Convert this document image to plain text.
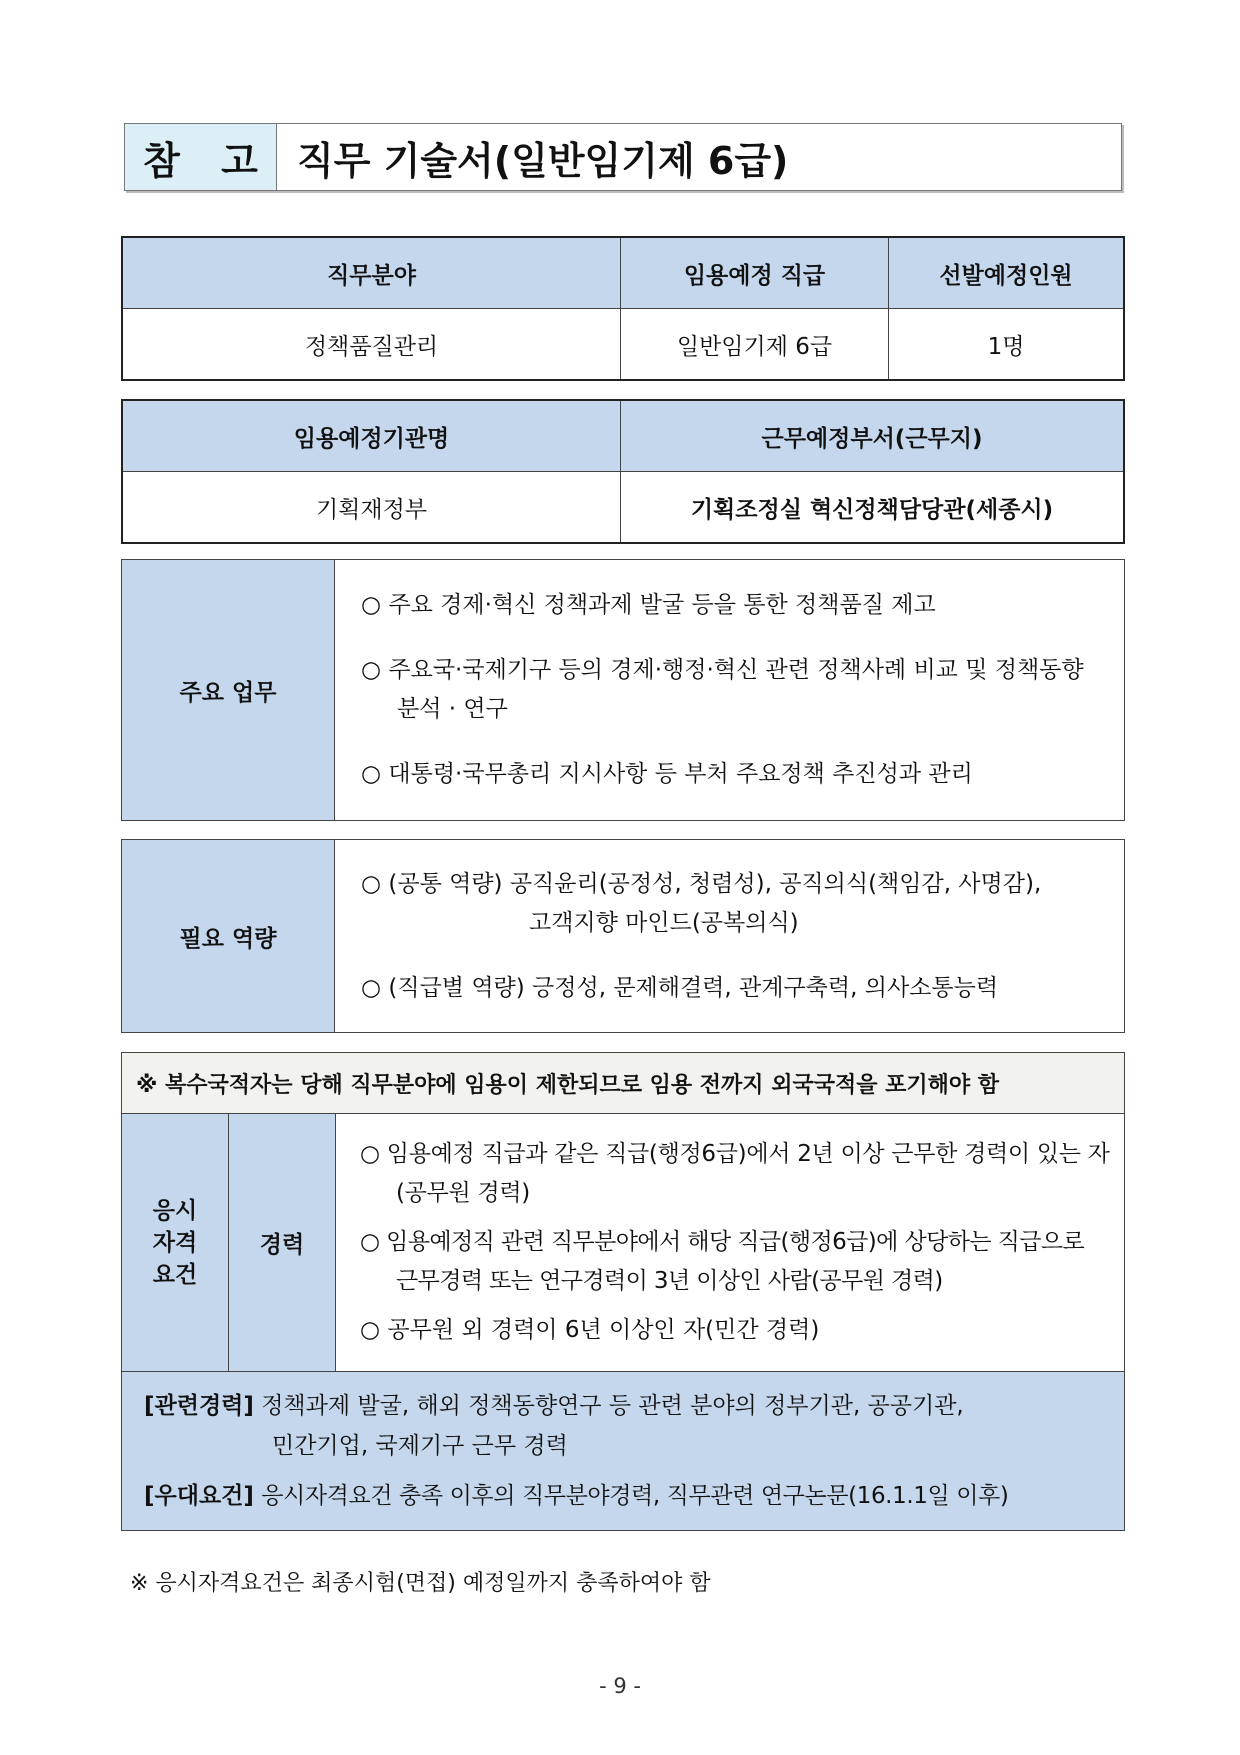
참 고 직무 기술서(일반임기제 6급)
직무분야	임용예정 직급	선발예정인원
정책품질관리	일반임기제 6급	1명
임용예정기관명	근무예정부서(근무지)
기획재정부	기획조정실 혁신정책담당관(세종시)
주요 업무	

○ 주요 경제·혁신 정책과제 발굴 등을 통한 정책품질 제고

○ 주요국·국제기구 등의 경제·행정·혁신 관련 정책사례 비교 및 정책동향 분석 · 연구

○ 대통령·국무총리 지시사항 등 부처 주요정책 추진성과 관리

필요 역량	

○ (공통 역량) 공직윤리(공정성, 청렴성), 공직의식(책임감, 사명감),

고객지향 마인드(공복의식)

○ (직급별 역량) 긍정성, 문제해결력, 관계구축력, 의사소통능력

※ 복수국적자는 당해 직무분야에 임용이 제한되므로 임용 전까지 외국국적을 포기해야 함

응시
자격
요건
	경력	

○ 임용예정 직급과 같은 직급(행정6급)에서 2년 이상 근무한 경력이 있는 자 (공무원 경력)

○ 임용예정직 관련 직무분야에서 해당 직급(행정6급)에 상당하는 직급으로 근무경력 또는 연구경력이 3년 이상인 사람(공무원 경력)

○ 공무원 외 경력이 6년 이상인 자(민간 경력)

[관련경력] 정책과제 발굴, 해외 정책동향연구 등 관련 분야의 정부기관, 공공기관,
민간기업, 국제기구 근무 경력
[우대요건] 응시자격요건 충족 이후의 직무분야경력, 직무관련 연구논문(16.1.1일 이후)
※ 응시자격요건은 최종시험(면접) 예정일까지 충족하여야 함
- 9 -
